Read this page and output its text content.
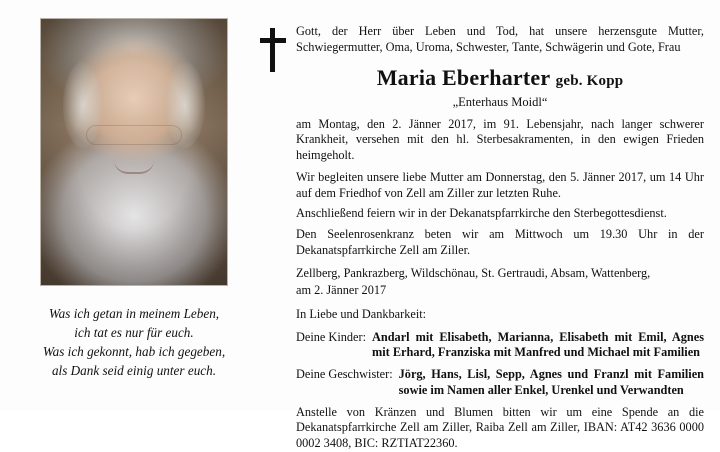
Was ich getan in meinem Leben,
ich tat es nur für euch.
Was ich gekonnt, hab ich gegeben,
als Dank seid einig unter euch.

Gott, der Herr über Leben und Tod, hat unsere herzensgute Mutter, Schwiegermutter, Oma, Uroma, Schwester, Tante, Schwägerin und Gote, Frau

Maria Eberharter geb. Kopp
„Enterhaus Moidl“

am Montag, den 2. Jänner 2017, im 91. Lebensjahr, nach langer schwerer Krankheit, versehen mit den hl. Sterbesakramenten, in den ewigen Frieden heimgeholt.

Wir begleiten unsere liebe Mutter am Donnerstag, den 5. Jänner 2017, um 14 Uhr auf dem Friedhof von Zell am Ziller zur letzten Ruhe.

Anschließend feiern wir in der Dekanatspfarrkirche den Sterbegottesdienst.

Den Seelenrosenkranz beten wir am Mittwoch um 19.30 Uhr in der Dekanatspfarrkirche Zell am Ziller.

Zellberg, Pankrazberg, Wildschönau, St. Gertraudi, Absam, Wattenberg,

am 2. Jänner 2017

In Liebe und Dankbarkeit:

Deine Kinder: Andarl mit Elisabeth, Marianna, Elisabeth mit Emil, Agnes mit Erhard, Franziska mit Manfred und Michael mit Familien
Deine Geschwister: Jörg, Hans, Lisl, Sepp, Agnes und Franzl mit Familien sowie im Namen aller Enkel, Urenkel und Verwandten

Anstelle von Kränzen und Blumen bitten wir um eine Spende an die Dekanatspfarrkirche Zell am Ziller, Raiba Zell am Ziller, IBAN: AT42 3636 0000 0002 3408, BIC: RZTIAT22360.
